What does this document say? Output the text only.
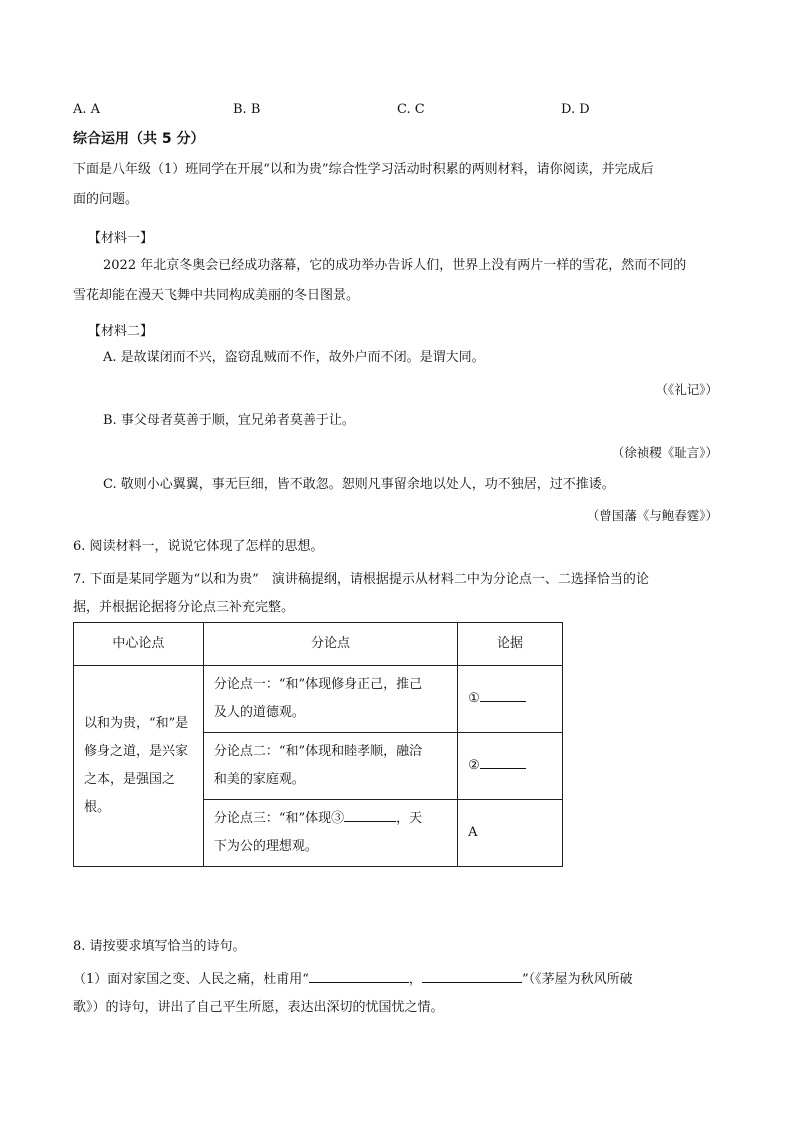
A. A	B. B	C. C	D. D
综合运用（共 5 分）
下面是八年级（1）班同学在开展“以和为贵”综合性学习活动时积累的两则材料，请你阅读，并完成后
面的问题。
【材料一】
2022 年北京冬奥会已经成功落幕，它的成功举办告诉人们，世界上没有两片一样的雪花，然而不同的
雪花却能在漫天飞舞中共同构成美丽的冬日图景。
【材料二】
A. 是故谋闭而不兴，盗窃乱贼而不作，故外户而不闭。是谓大同。
（《礼记》）
B. 事父母者莫善于顺，宜兄弟者莫善于让。
（徐祯稷《耻言》）
C. 敬则小心翼翼，事无巨细，皆不敢忽。恕则凡事留余地以处人，功不独居，过不推诿。
（曾国藩《与鲍春霆》）
6. 阅读材料一，说说它体现了怎样的思想。
7. 下面是某同学题为“以和为贵”　演讲稿提纲，请根据提示从材料二中为分论点一、二选择恰当的论
据，并根据论据将分论点三补充完整。
中心论点	分论点	论据
以和为贵，“和”是修身之道，是兴家之本，是强国之根。	分论点一：“和”体现修身正己，推己
及人的道德观。	①
	分论点二：“和”体现和睦孝顺，融洽
和美的家庭观。	②
	分论点三：“和”体现③ ，天
下为公的理想观。	A
8. 请按要求填写恰当的诗句。
（1）面对家国之变、人民之痛，杜甫用“	，	”（《茅屋为秋风所破
歌》）的诗句，讲出了自己平生所愿，表达出深切的忧国忧之情。
